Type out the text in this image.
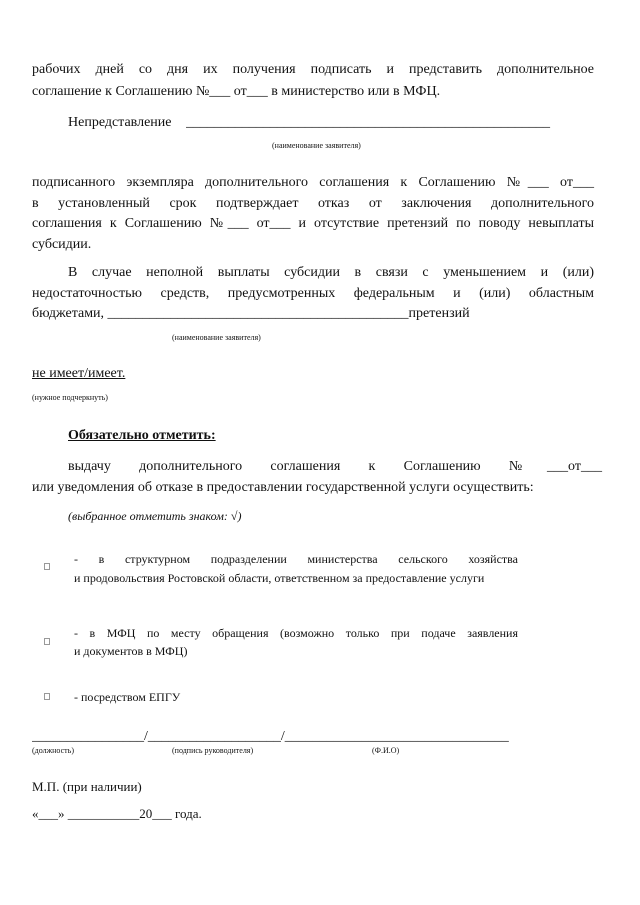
рабочих дней со дня их получения подписать и представить дополнительное
соглашение к Соглашению №___ от___ в министерство или в МФЦ.
Непредставление ____________________________________________________
(наименование заявителя)
подписанного экземпляра дополнительного соглашения к Соглашению №___ от___
в установленный срок подтверждает отказ от заключения дополнительного
соглашения к Соглашению №___ от___ и отсутствие претензий по поводу невыплаты
субсидии.
В случае неполной выплаты субсидии в связи с уменьшением и (или)
недостаточностью средств, предусмотренных федеральным и (или) областным
бюджетами, ___________________________________________претензий
(наименование заявителя)
не имеет/имеет.
(нужное подчеркнуть)
Обязательно отметить:
выдачу дополнительного соглашения к Соглашению №___от___
или уведомления об отказе в предоставлении государственной услуги осуществить:
(выбранное отметить знаком: √)
- в структурном подразделении министерства сельского хозяйства
и продовольствия Ростовской области, ответственном за предоставление услуги
- в МФЦ по месту обращения (возможно только при подаче заявления
и документов в МФЦ)
- посредством ЕПГУ
________________/___________________/________________________________
(должность)	(подпись руководителя)	(Ф.И.О)
М.П. (при наличии)
«___» ___________20___ года.
